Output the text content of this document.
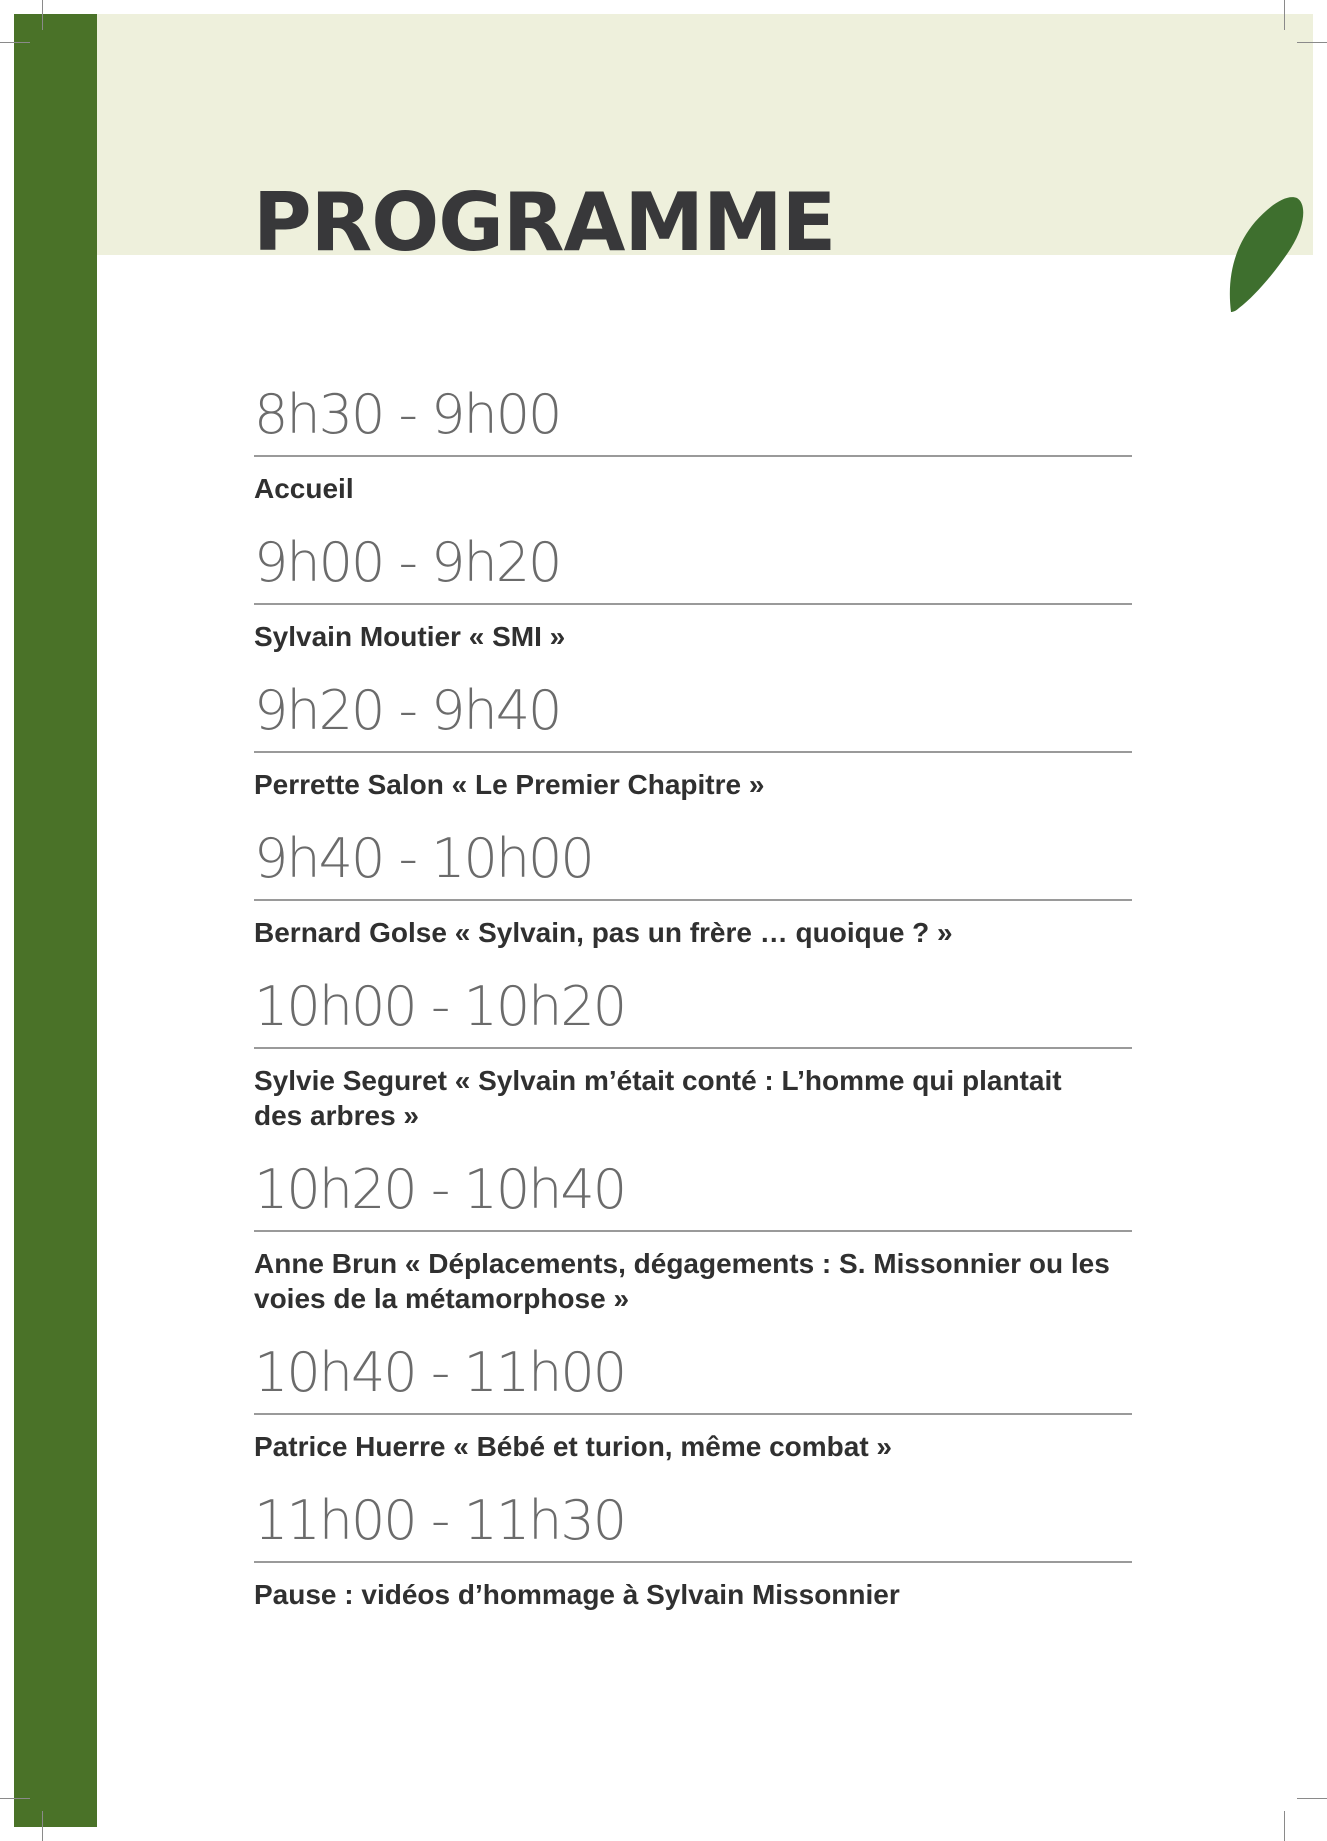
PROGRAMME
8h30 - 9h00
Accueil
9h00 - 9h20
Sylvain Moutier « SMI »
9h20 - 9h40
Perrette Salon « Le Premier Chapitre »
9h40 - 10h00
Bernard Golse « Sylvain, pas un frère … quoique ? »
10h00 - 10h20
Sylvie Seguret « Sylvain m’était conté : L’homme qui plantait des arbres »
10h20 - 10h40
Anne Brun « Déplacements, dégagements : S. Missonnier ou les voies de la métamorphose »
10h40 - 11h00
Patrice Huerre « Bébé et turion, même combat »
11h00 - 11h30
Pause : vidéos d’hommage à Sylvain Missonnier
